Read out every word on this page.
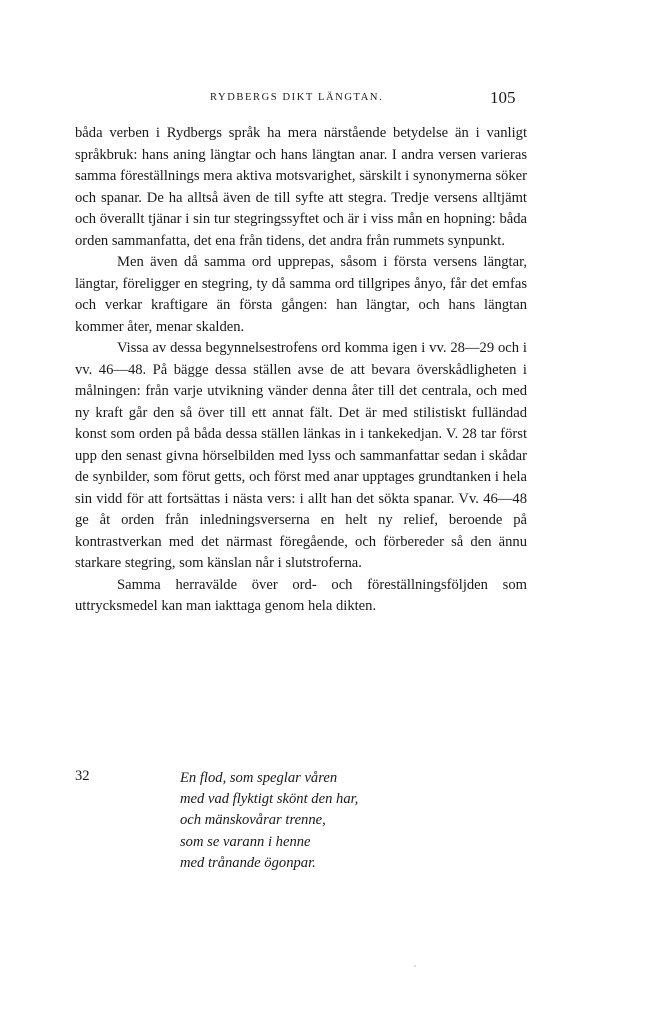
RYDBERGS DIKT LÄNGTAN.	105

båda verben i Rydbergs språk ha mera närstående betydelse än i vanligt språkbruk: hans aning längtar och hans längtan anar. I andra versen varieras samma föreställnings mera aktiva motsvarighet, särskilt i synonymerna söker och spanar. De ha alltså även de till syfte att stegra. Tredje versens alltjämt och överallt tjänar i sin tur stegringssyftet och är i viss mån en hopning: båda orden sammanfatta, det ena från tidens, det andra från rummets synpunkt.

Men även då samma ord upprepas, såsom i första versens längtar, längtar, föreligger en stegring, ty då samma ord tillgripes ånyo, får det emfas och verkar kraftigare än första gången: han längtar, och hans längtan kommer åter, menar skalden.

Vissa av dessa begynnelsestrofens ord komma igen i vv. 28—29 och i vv. 46—48. På bägge dessa ställen avse de att bevara överskådligheten i målningen: från varje utvikning vänder denna åter till det centrala, och med ny kraft går den så över till ett annat fält. Det är med stilistiskt fulländad konst som orden på båda dessa ställen länkas in i tankekedjan. V. 28 tar först upp den senast givna hörselbilden med lyss och sammanfattar sedan i skådar de synbilder, som förut getts, och först med anar upptages grundtanken i hela sin vidd för att fortsättas i nästa vers: i allt han det sökta spanar. Vv. 46—48 ge åt orden från inledningsverserna en helt ny relief, beroende på kontrastverkan med det närmast föregående, och förbereder så den ännu starkare stegring, som känslan når i slutstroferna.

Samma herravälde över ord- och föreställningsföljden som uttrycksmedel kan man iakttaga genom hela dikten.

32	En flod, som speglar våren
med vad flyktigt skönt den har,
och mänskovårar trenne,
som se varann i henne
med trånande ögonpar.
